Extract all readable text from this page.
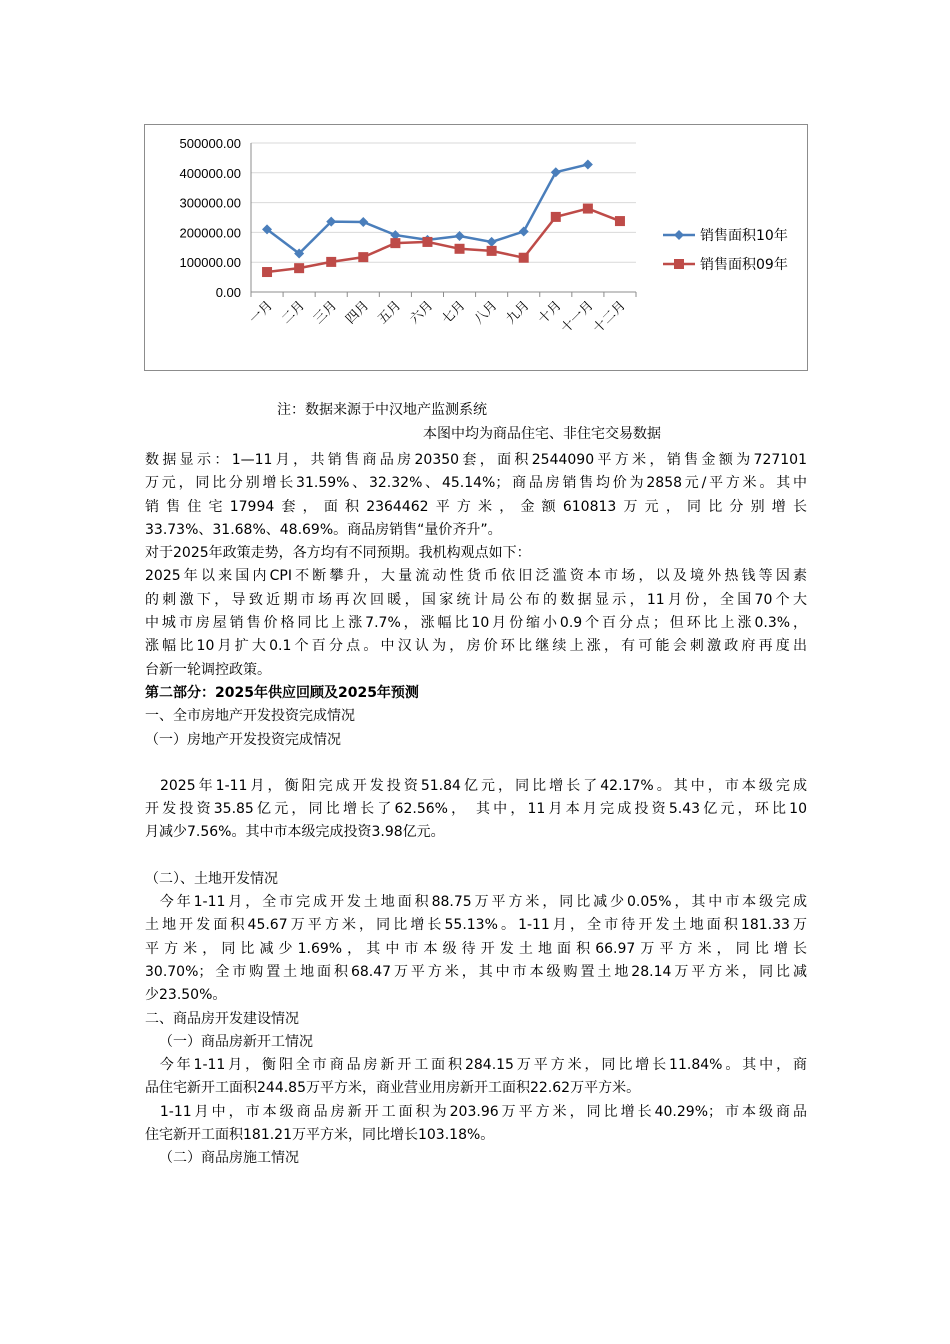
500000.00
400000.00
300000.00
200000.00
100000.00
0.00
一月 二月 三月 四月 五月 六月 七月 八月 九月 十月
十一月
十二月
销售面积10年
销售面积09年
注：数据来源于中汉地产监测系统
本图中均为商品住宅、非住宅交易数据

数据显示：1—11月，共销售商品房20350套，面积2544090平方米，销售金额为727101

万元，同比分别增长31.59%、32.32%、45.14%；商品房销售均价为2858元/平方米。其中

销售住宅17994套，面积2364462平方米，金额610813万元，同比分别增长

33.73%、31.68%、48.69%。商品房销售“量价齐升”。

对于2025年政策走势，各方均有不同预期。我机构观点如下：

2025年以来国内CPI不断攀升，大量流动性货币依旧泛滥资本市场，以及境外热钱等因素

的刺激下，导致近期市场再次回暖，国家统计局公布的数据显示，11月份，全国70个大

中城市房屋销售价格同比上涨7.7%，涨幅比10月份缩小0.9个百分点；但环比上涨0.3%，

涨幅比10月扩大0.1个百分点。中汉认为，房价环比继续上涨，有可能会刺激政府再度出

台新一轮调控政策。

第二部分：2025年供应回顾及2025年预测

一、全市房地产开发投资完成情况

（一）房地产开发投资完成情况

2025年1-11月，衡阳完成开发投资51.84亿元，同比增长了42.17%。其中，市本级完成

开发投资35.85亿元，同比增长了62.56%， 其中，11月本月完成投资5.43亿元，环比10

月减少7.56%。其中市本级完成投资3.98亿元。

（二）、土地开发情况

今年1-11月，全市完成开发土地面积88.75万平方米，同比减少0.05%，其中市本级完成

土地开发面积45.67万平方米，同比增长55.13%。1-11月，全市待开发土地面积181.33万

平方米，同比减少1.69%，其中市本级待开发土地面积66.97万平方米，同比增长

30.70%；全市购置土地面积68.47万平方米，其中市本级购置土地28.14万平方米，同比减

少23.50%。

二、商品房开发建设情况

（一）商品房新开工情况

今年1-11月，衡阳全市商品房新开工面积284.15万平方米，同比增长11.84%。其中，商

品住宅新开工面积244.85万平方米，商业营业用房新开工面积22.62万平方米。

1-11月中，市本级商品房新开工面积为203.96万平方米，同比增长40.29%；市本级商品

住宅新开工面积181.21万平方米，同比增长103.18%。

（二）商品房施工情况
